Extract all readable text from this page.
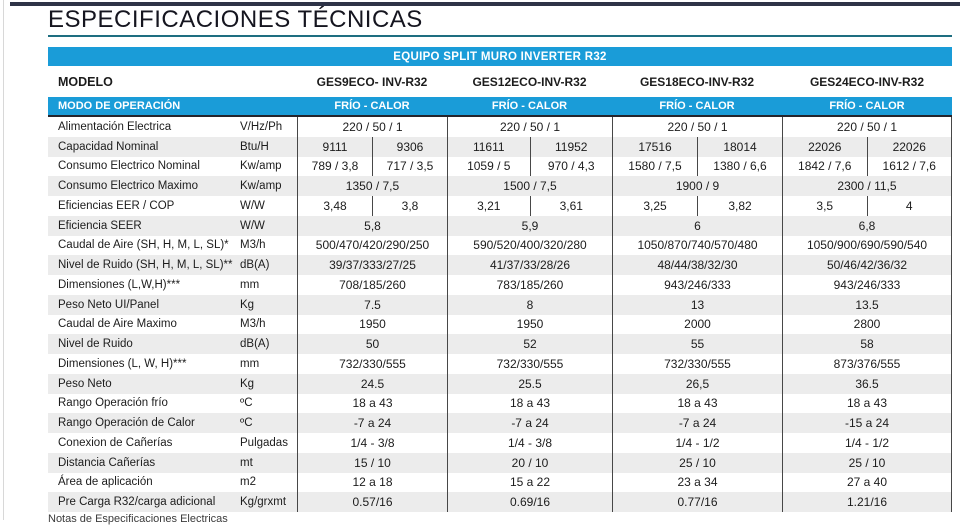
ESPECIFICACIONES TÉCNICAS
EQUIPO SPLIT MURO INVERTER R32
MODELO	GES9ECO- INV-R32	GES12ECO-INV-R32	GES18ECO-INV-R32	GES24ECO-INV-R32
MODO DE OPERACIÓN	FRÍO - CALOR	FRÍO - CALOR	FRÍO - CALOR	FRÍO - CALOR
Alimentación Electrica	V/Hz/Ph	220 / 50 / 1	220 / 50 / 1	220 / 50 / 1	220 / 50 / 1
Capacidad Nominal	Btu/H	9111	9306	11611	11952	17516	18014	22026	22026
Consumo Electrico Nominal	Kw/amp	789 / 3,8	717 / 3,5	1059 / 5	970 / 4,3	1580 / 7,5	1380 / 6,6	1842 / 7,6	1612 / 7,6
Consumo Electrico Maximo	Kw/amp	1350 / 7,5	1500 / 7,5	1900 / 9	2300 / 11,5
Eficiencias EER / COP	W/W	3,48	3,8	3,21	3,61	3,25	3,82	3,5	4
Eficiencia SEER	W/W	5,8	5,9	6	6,8
Caudal de Aire (SH, H, M, L, SL)* M3/h	500/470/420/290/250	590/520/400/320/280	1050/870/740/570/480	1050/900/690/590/540
Nivel de Ruido (SH, H, M, L, SL)** dB(A)	39/37/333/27/25	41/37/33/28/26	48/44/38/32/30	50/46/42/36/32
Dimensiones (L,W,H)***	mm	708/185/260	783/185/260	943/246/333	943/246/333
Peso Neto UI/Panel	Kg	7.5	8	13	13.5
Caudal de Aire Maximo	M3/h	1950	1950	2000	2800
Nivel de Ruido	dB(A)	50	52	55	58
Dimensiones (L, W, H)***	mm	732/330/555	732/330/555	732/330/555	873/376/555
Peso Neto	Kg	24.5	25.5	26,5	36.5
Rango Operación frío	ºC	18 a 43	18 a 43	18 a 43	18 a 43
Rango Operación de Calor	ºC	-7 a 24	-7 a 24	-7 a 24	-15 a 24
Conexion de Cañerías	Pulgadas	1/4 - 3/8	1/4 - 3/8	1/4 - 1/2	1/4 - 1/2
Distancia Cañerías	mt	15 / 10	20 / 10	25 / 10	25 / 10
Área de aplicación	m2	12 a 18	15 a 22	23 a 34	27 a 40
Pre Carga R32/carga adicional	Kg/grxmt	0.57/16	0.69/16	0.77/16	1.21/16
Notas de Especificaciones Electricas
